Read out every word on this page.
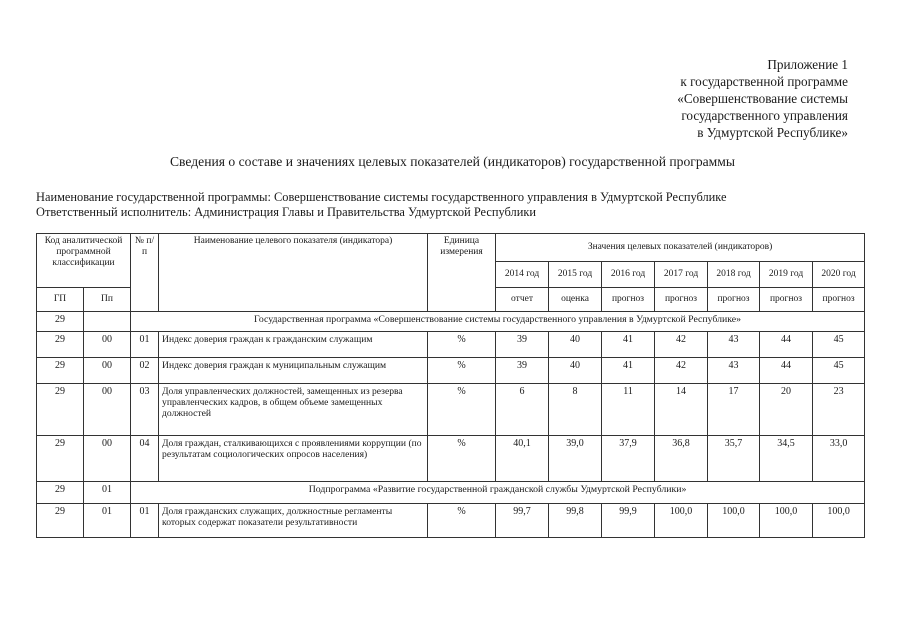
Приложение 1
к государственной программе
«Совершенствование системы
государственного управления
в Удмуртской Республике»
Сведения о составе и значениях целевых показателей (индикаторов) государственной программы
Наименование государственной программы: Совершенствование системы государственного управления в Удмуртской Республике
Ответственный исполнитель: Администрация Главы и Правительства Удмуртской Республики
Код аналитической программной классификации		№ п/п	Наименование целевого показателя (индикатора)	Единица измерения	Значения целевых показателей (индикаторов)						
					2014 год	2015 год	2016 год	2017 год	2018 год	2019 год	2020 год
ГП	Пп				отчет	оценка	прогноз	прогноз	прогноз	прогноз	прогноз
29		Государственная программа «Совершенствование системы государственного управления в Удмуртской Республике»									
29	00	01	Индекс доверия граждан к гражданским служащим	%	39	40	41	42	43	44	45
29	00	02	Индекс доверия граждан к муниципальным служащим	%	39	40	41	42	43	44	45
29	00	03	Доля управленческих должностей, замещенных из резерва управленческих кадров, в общем объеме замещенных должностей	%	6	8	11	14	17	20	23
29	00	04	Доля граждан, сталкивающихся с проявлениями коррупции (по результатам социологических опросов населения)	%	40,1	39,0	37,9	36,8	35,7	34,5	33,0
29	01	Подпрограмма «Развитие государственной гражданской службы Удмуртской Республики»									
29	01	01	Доля гражданских служащих, должностные регламенты которых содержат показатели результативности	%	99,7	99,8	99,9	100,0	100,0	100,0	100,0
